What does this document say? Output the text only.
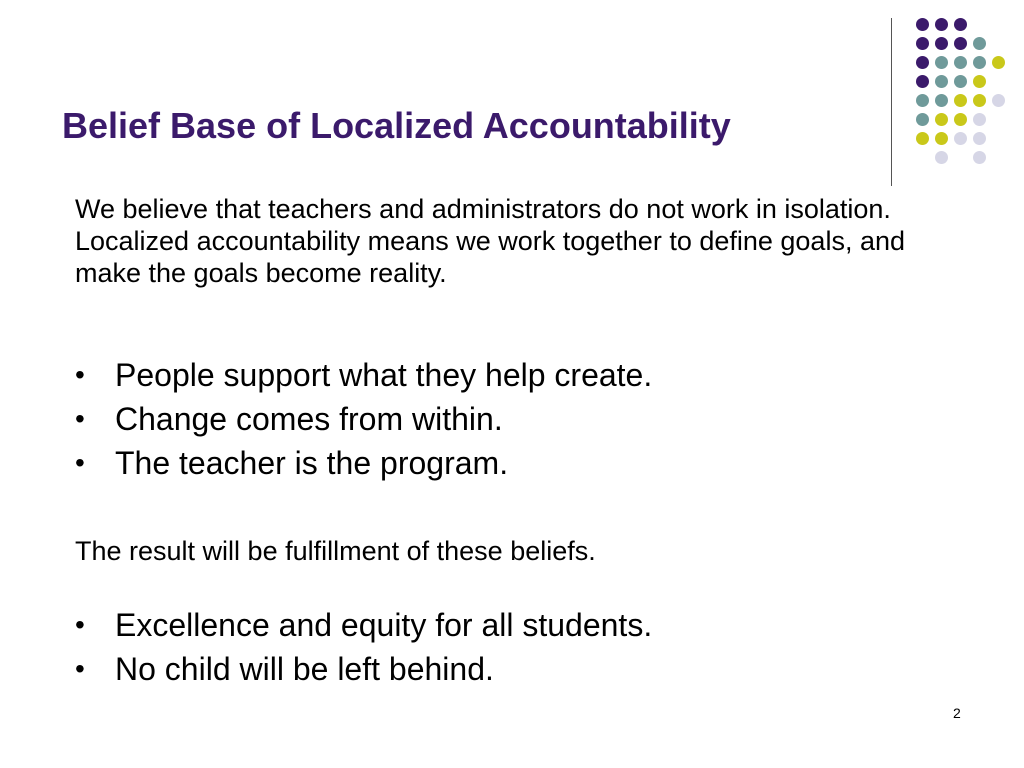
Belief Base of Localized Accountability

We believe that teachers and administrators do not work in isolation. Localized accountability means we work together to define goals, and make the goals become reality.

• People support what they help create.
• Change comes from within.
• The teacher is the program.

The result will be fulfillment of these beliefs.

• Excellence and equity for all students.
• No child will be left behind.
2
